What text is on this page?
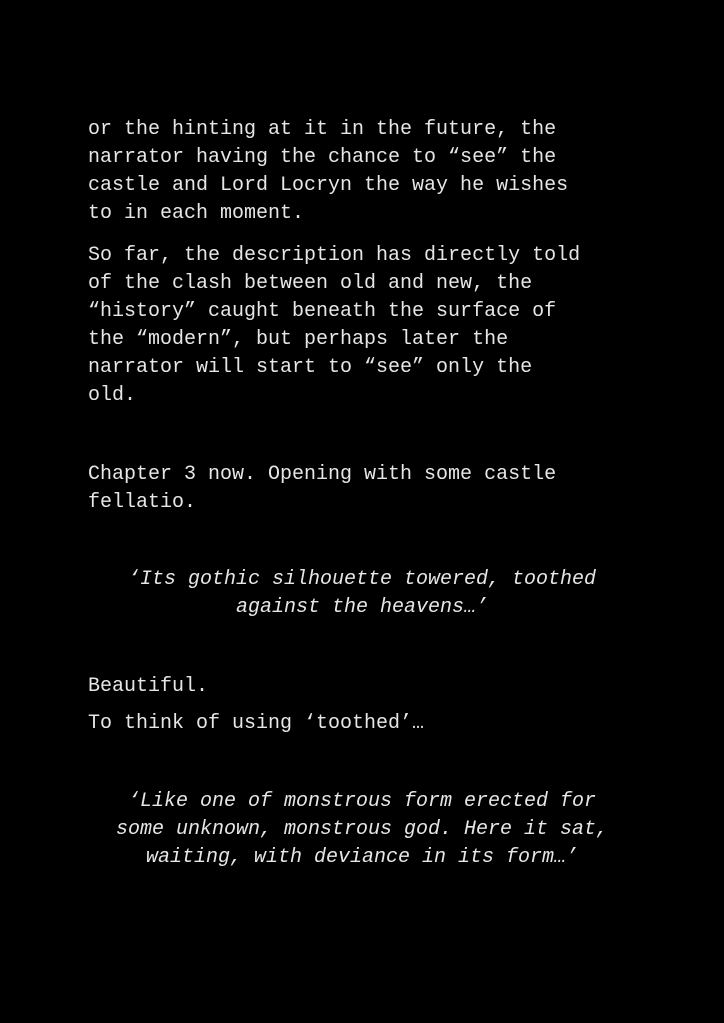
or the hinting at it in the future, the
narrator having the chance to “see” the
castle and Lord Locryn the way he wishes
to in each moment.

So far, the description has directly told
of the clash between old and new, the
“history” caught beneath the surface of
the “modern”, but perhaps later the
narrator will start to “see” only the
old.

Chapter 3 now. Opening with some castle
fellatio.

‘Its gothic silhouette towered, toothed
against the heavens…’

Beautiful.

To think of using ‘toothed’…

‘Like one of monstrous form erected for
some unknown, monstrous god. Here it sat,
waiting, with deviance in its form…’
